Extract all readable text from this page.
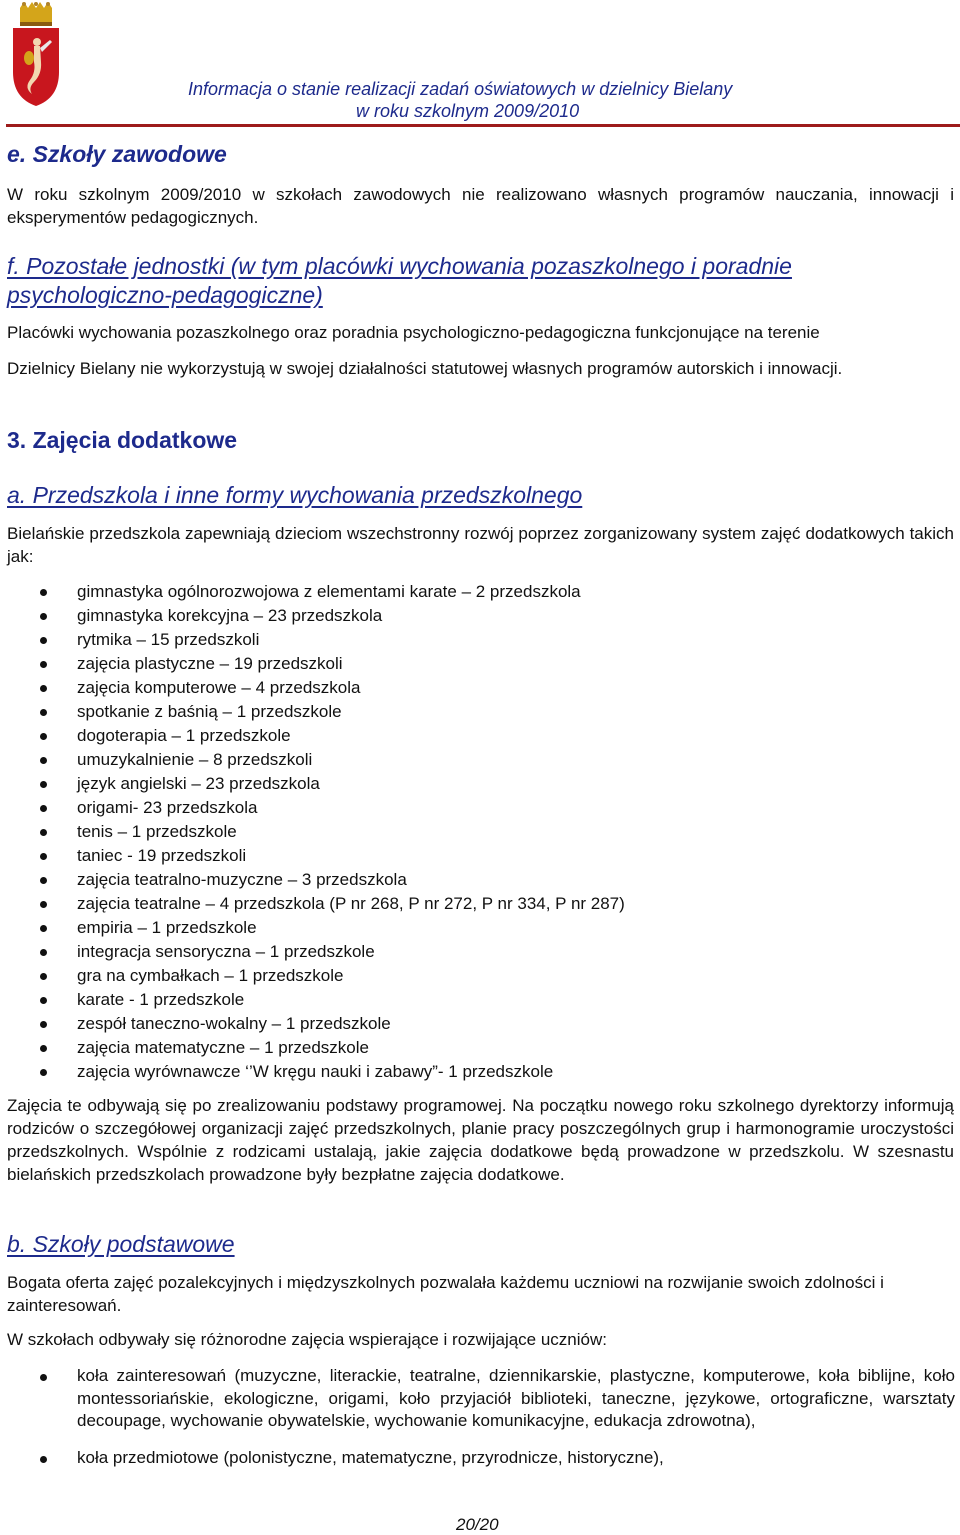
Informacja o stanie realizacji zadań oświatowych w dzielnicy Bielany
w roku szkolnym 2009/2010
e. Szkoły zawodowe

W roku szkolnym 2009/2010 w szkołach zawodowych nie realizowano własnych programów nauczania, innowacji i eksperymentów pedagogicznych.

f. Pozostałe jednostki (w tym placówki wychowania pozaszkolnego i poradnie psychologiczno-pedagogiczne)

Placówki wychowania pozaszkolnego oraz poradnia psychologiczno-pedagogiczna funkcjonujące na terenie

Dzielnicy Bielany nie wykorzystują w swojej działalności statutowej własnych programów autorskich i innowacji.

3. Zajęcia dodatkowe
a. Przedszkola i inne formy wychowania przedszkolnego

Bielańskie przedszkola zapewniają dzieciom wszechstronny rozwój poprzez zorganizowany system zajęć dodatkowych takich jak:

gimnastyka ogólnorozwojowa z elementami karate – 2 przedszkola
gimnastyka korekcyjna – 23 przedszkola
rytmika – 15 przedszkoli
zajęcia plastyczne – 19 przedszkoli
zajęcia komputerowe – 4 przedszkola
spotkanie z baśnią – 1 przedszkole
dogoterapia – 1 przedszkole
umuzykalnienie – 8 przedszkoli
język angielski – 23 przedszkola
origami- 23 przedszkola
tenis – 1 przedszkole
taniec - 19 przedszkoli
zajęcia teatralno-muzyczne – 3 przedszkola
zajęcia teatralne – 4 przedszkola (P nr 268, P nr 272, P nr 334, P nr 287)
empiria – 1 przedszkole
integracja sensoryczna – 1 przedszkole
gra na cymbałkach – 1 przedszkole
karate - 1 przedszkole
zespół taneczno-wokalny – 1 przedszkole
zajęcia matematyczne – 1 przedszkole
zajęcia wyrównawcze ‘’W kręgu nauki i zabawy”- 1 przedszkole

Zajęcia te odbywają się po zrealizowaniu podstawy programowej. Na początku nowego roku szkolnego dyrektorzy informują rodziców o szczegółowej organizacji zajęć przedszkolnych, planie pracy poszczególnych grup i harmonogramie uroczystości przedszkolnych. Wspólnie z rodzicami ustalają, jakie zajęcia dodatkowe będą prowadzone w przedszkolu. W szesnastu bielańskich przedszkolach prowadzone były bezpłatne zajęcia dodatkowe.

b. Szkoły podstawowe

Bogata oferta zajęć pozalekcyjnych i międzyszkolnych pozwalała każdemu uczniowi na rozwijanie swoich zdolności i zainteresowań.

W szkołach odbywały się różnorodne zajęcia wspierające i rozwijające uczniów:

koła zainteresowań (muzyczne, literackie, teatralne, dziennikarskie, plastyczne, komputerowe, koła biblijne, koło montessoriańskie, ekologiczne, origami, koło przyjaciół biblioteki, taneczne, językowe, ortograficzne, warsztaty decoupage, wychowanie obywatelskie, wychowanie komunikacyjne, edukacja zdrowotna),
koła przedmiotowe (polonistyczne, matematyczne, przyrodnicze, historyczne),
20/20
